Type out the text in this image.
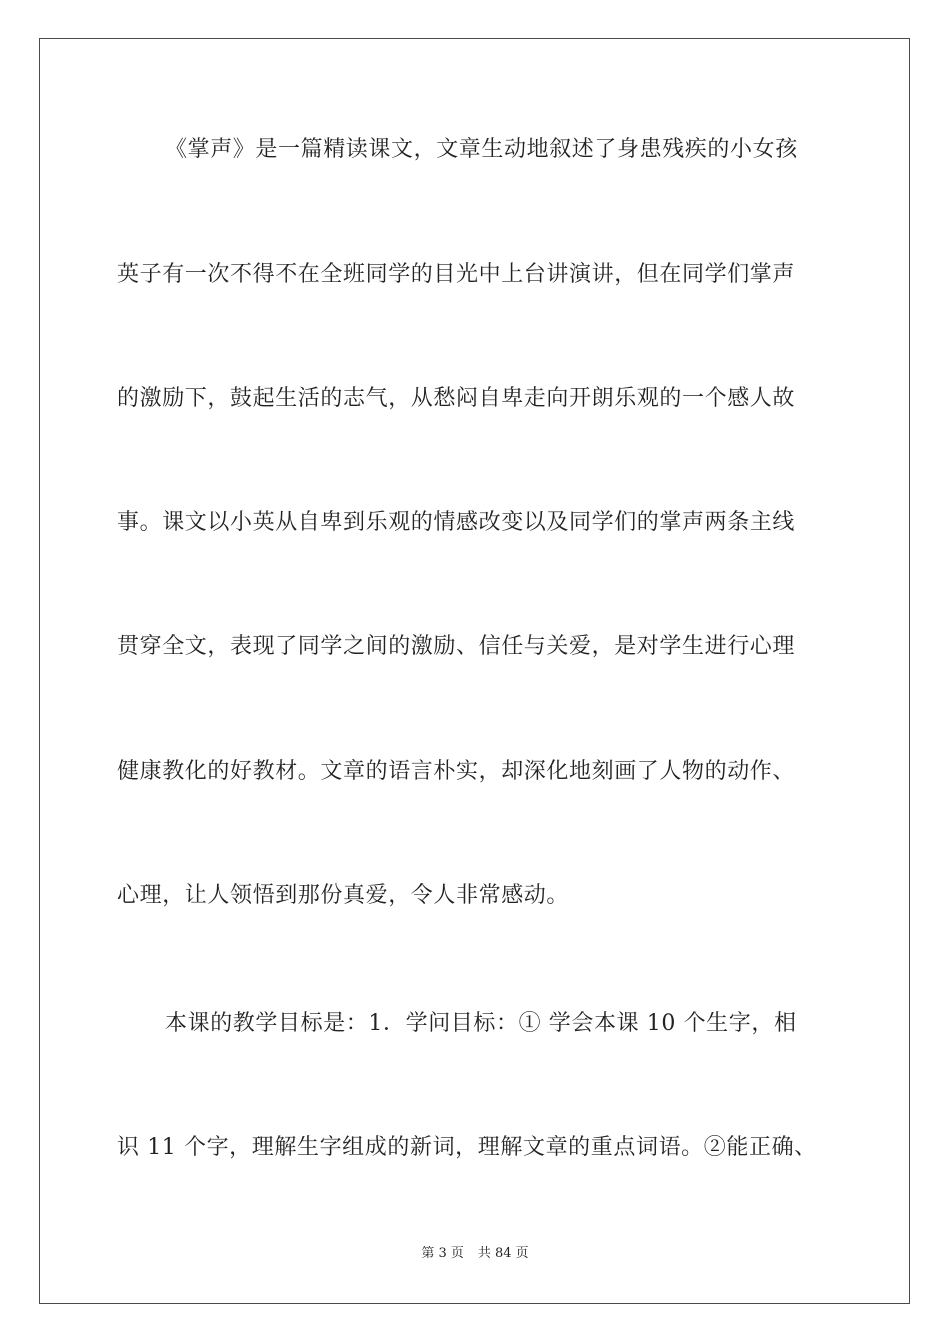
《掌声》是一篇精读课文，文章生动地叙述了身患残疾的小女孩
英子有一次不得不在全班同学的目光中上台讲演讲，但在同学们掌声
的激励下，鼓起生活的志气，从愁闷自卑走向开朗乐观的一个感人故
事。课文以小英从自卑到乐观的情感改变以及同学们的掌声两条主线
贯穿全文，表现了同学之间的激励、信任与关爱，是对学生进行心理
健康教化的好教材。文章的语言朴实，却深化地刻画了人物的动作、
心理，让人领悟到那份真爱，令人非常感动。
本课的教学目标是：1．学问目标：① 学会本课 10 个生字，相
识 11 个字，理解生字组成的新词，理解文章的重点词语。②能正确、
第 3 页 共 84 页
